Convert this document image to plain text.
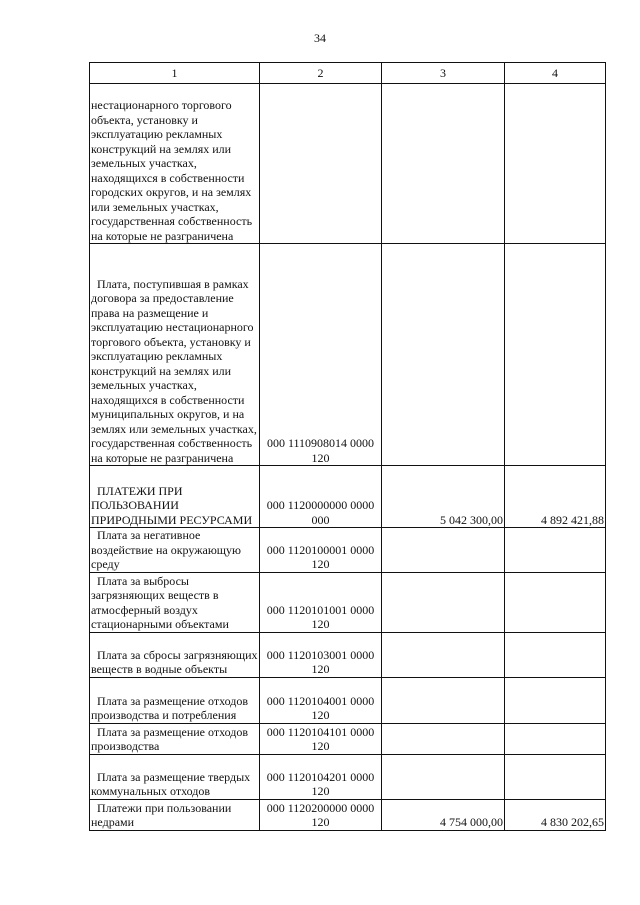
34
1	2	3	4
нестационарного торгового объекта, установку и эксплуатацию рекламных конструкций на землях или земельных участках, находящихся в собственности городских округов, и на землях или земельных участках, государственная собственность на которые не разграничена			
Плата, поступившая в рамках договора за предоставление права на размещение и эксплуатацию нестационарного торгового объекта, установку и эксплуатацию рекламных конструкций на землях или земельных участках, находящихся в собственности муниципальных округов, и на землях или земельных участках, государственная собственность на которые не разграничена	000 1110908014 0000 120		
ПЛАТЕЖИ ПРИ ПОЛЬЗОВАНИИ ПРИРОДНЫМИ РЕСУРСАМИ	000 1120000000 0000 000	5 042 300,00	4 892 421,88
Плата за негативное воздействие на окружающую среду	000 1120100001 0000 120		
Плата за выбросы загрязняющих веществ в атмосферный воздух стационарными объектами	000 1120101001 0000 120		
Плата за сбросы загрязняющих веществ в водные объекты	000 1120103001 0000 120		
Плата за размещение отходов производства и потребления	000 1120104001 0000 120		
Плата за размещение отходов производства	000 1120104101 0000 120		
Плата за размещение твердых коммунальных отходов	000 1120104201 0000 120		
Платежи при пользовании недрами	000 1120200000 0000 120	4 754 000,00	4 830 202,65
